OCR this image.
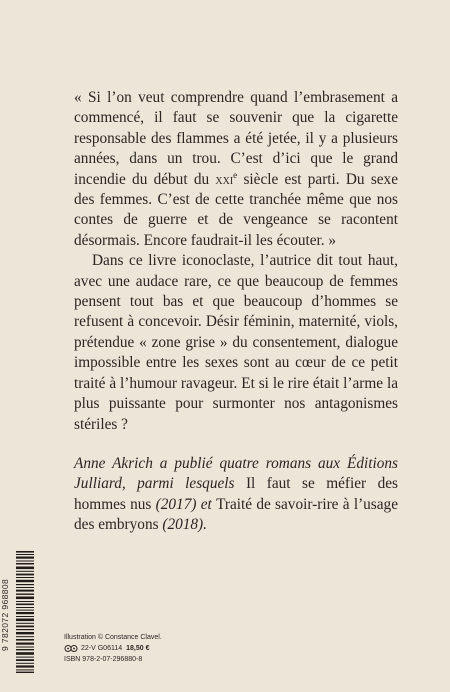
« Si l’on veut comprendre quand l’embrasement a commencé, il faut se souvenir que la cigarette responsable des flammes a été jetée, il y a plusieurs années, dans un trou. C’est d’ici que le grand incendie du début du xxi$^e$ siècle est parti. Du sexe des femmes. C’est de cette tranchée même que nos contes de guerre et de vengeance se racontent désormais. Encore faudrait-il les écouter. »

Dans ce livre iconoclaste, l’autrice dit tout haut, avec une audace rare, ce que beaucoup de femmes pensent tout bas et que beaucoup d’hommes se refusent à concevoir. Désir féminin, maternité, viols, prétendue « zone grise » du consentement, dialogue impossible entre les sexes sont au cœur de ce petit traité à l’humour ravageur. Et si le rire était l’arme la plus puissante pour surmonter nos antagonismes stériles ?

Anne Akrich a publié quatre romans aux Éditions Julliard, parmi lesquels Il faut se méfier des hommes nus (2017) et Traité de savoir-rire à l’usage des embryons (2018).

9 782072 968808	Illustration © Constance Clavel.
22-V G06114 18,50 €
ISBN 978-2-07-296880-8
